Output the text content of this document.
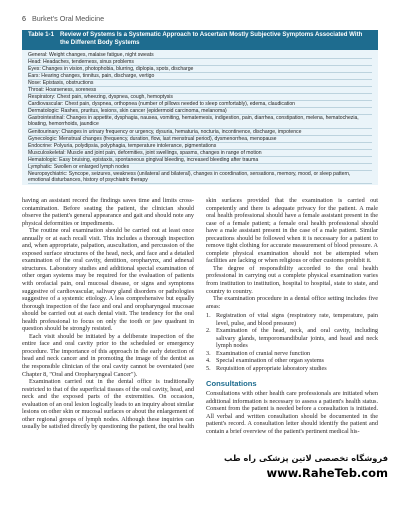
6 Burket's Oral Medicine
Table 1-1 Review of Systems Is a Systematic Approach to Ascertain Mostly Subjective Symptoms Associated With the Different Body Systems
General: Weight changes, malaise fatigue, night sweats
Head: Headaches, tenderness, sinus problems
Eyes: Changes in vision, photophobia, blurring, diplopia, spots, discharge
Ears: Hearing changes, tinnitus, pain, discharge, vertigo
Nose: Epistaxis, obstructions
Throat: Hoarseness, soreness
Respiratory: Chest pain, wheezing, dyspnea, cough, hemoptysis
Cardiovascular: Chest pain, dyspnea, orthopnea (number of pillows needed to sleep comfortably), edema, claudication
Dermatologic: Rashes, pruritus, lesions, skin cancer (epidermoid carcinoma, melanoma)
Gastrointestinal: Changes in appetite, dysphagia, nausea, vomiting, hematemesis, indigestion, pain, diarrhea, constipation, melena, hematochezia, bloating, hemorrhoids, jaundice
Genitourinary: Changes in urinary frequency or urgency, dysuria, hematuria, nocturia, incontinence, discharge, impotence
Gynecologic: Menstrual changes (frequency, duration, flow, last menstrual period), dysmenorrhea, menopause
Endocrine: Polyuria, polydipsia, polyphagia, temperature intolerance, pigmentations
Musculoskeletal: Muscle and joint pain, deformities, joint swellings, spasms, changes in range of motion
Hematologic: Easy bruising, epistaxis, spontaneous gingival bleeding, increased bleeding after trauma
Lymphatic: Swollen or enlarged lymph nodes
Neuropsychiatric: Syncope, seizures, weakness (unilateral and bilateral), changes in coordination, sensations, memory, mood, or sleep pattern, emotional disturbances, history of psychiatric therapy

having an assistant record the findings saves time and limits cross-contamination. Before seating the patient, the clinician should observe the patient's general appearance and gait and should note any physical deformities or impediments.

The routine oral examination should be carried out at least once annually or at each recall visit. This includes a thorough inspection and, when appropriate, palpation, auscultation, and percussion of the exposed surface structures of the head, neck, and face and a detailed examination of the oral cavity, dentition, oropharynx, and adnexal structures. Laboratory studies and additional special examination of other organ systems may be required for the evaluation of patients with orofacial pain, oral mucosal disease, or signs and symptoms suggestive of cardiovascular, salivary gland disorders or pathologies suggestive of a systemic etiology. A less comprehensive but equally thorough inspection of the face and oral and oropharyngeal mucosae should be carried out at each dental visit. The tendency for the oral health professional to focus on only the tooth or jaw quadrant in question should be strongly resisted.

Each visit should be initiated by a deliberate inspection of the entire face and oral cavity prior to the scheduled or emergency procedure. The importance of this approach in the early detection of head and neck cancer and in promoting the image of the dentist as the responsible clinician of the oral cavity cannot be overstated (see Chapter 8, "Oral and Oropharyngeal Cancer").

Examination carried out in the dental office is traditionally restricted to that of the superficial tissues of the oral cavity, head, and neck and the exposed parts of the extremities. On occasion, evaluation of an oral lesion logically leads to an inquiry about similar lesions on other skin or mucosal surfaces or about the enlargement of other regional groups of lymph nodes. Although these inquiries can usually be satisfied directly by questioning the patient, the oral health

skin surfaces provided that the examination is carried out competently and there is adequate privacy for the patient. A male oral health professional should have a female assistant present in the case of a female patient; a female oral health professional should have a male assistant present in the case of a male patient. Similar precautions should be followed when it is necessary for a patient to remove tight clothing for accurate measurement of blood pressure. A complete physical examination should not be attempted when facilities are lacking or when religious or other customs prohibit it.

The degree of responsibility accorded to the oral health professional in carrying out a complete physical examination varies from institution to institution, hospital to hospital, state to state, and country to country.

The examination procedure in a dental office setting includes five areas:

1. Registration of vital signs (respiratory rate, temperature, pain level, pulse, and blood pressure)
2. Examination of the head, neck, and oral cavity, including salivary glands, temporomandibular joints, and head and neck lymph nodes
3. Examination of cranial nerve function
4. Special examination of other organ systems
5. Requisition of appropriate laboratory studies
Consultations

Consultations with other health care professionals are initiated when additional information is necessary to assess a patient's health status. Consent from the patient is needed before a consultation is initiated. All verbal and written consultation should be documented in the patient's record. A consultation letter should identify the patient and contain a brief overview of the patient's pertinent medical his-

فروشگاه تخصصی لاتین پزشکی راه طب
www.RaheTeb.com
